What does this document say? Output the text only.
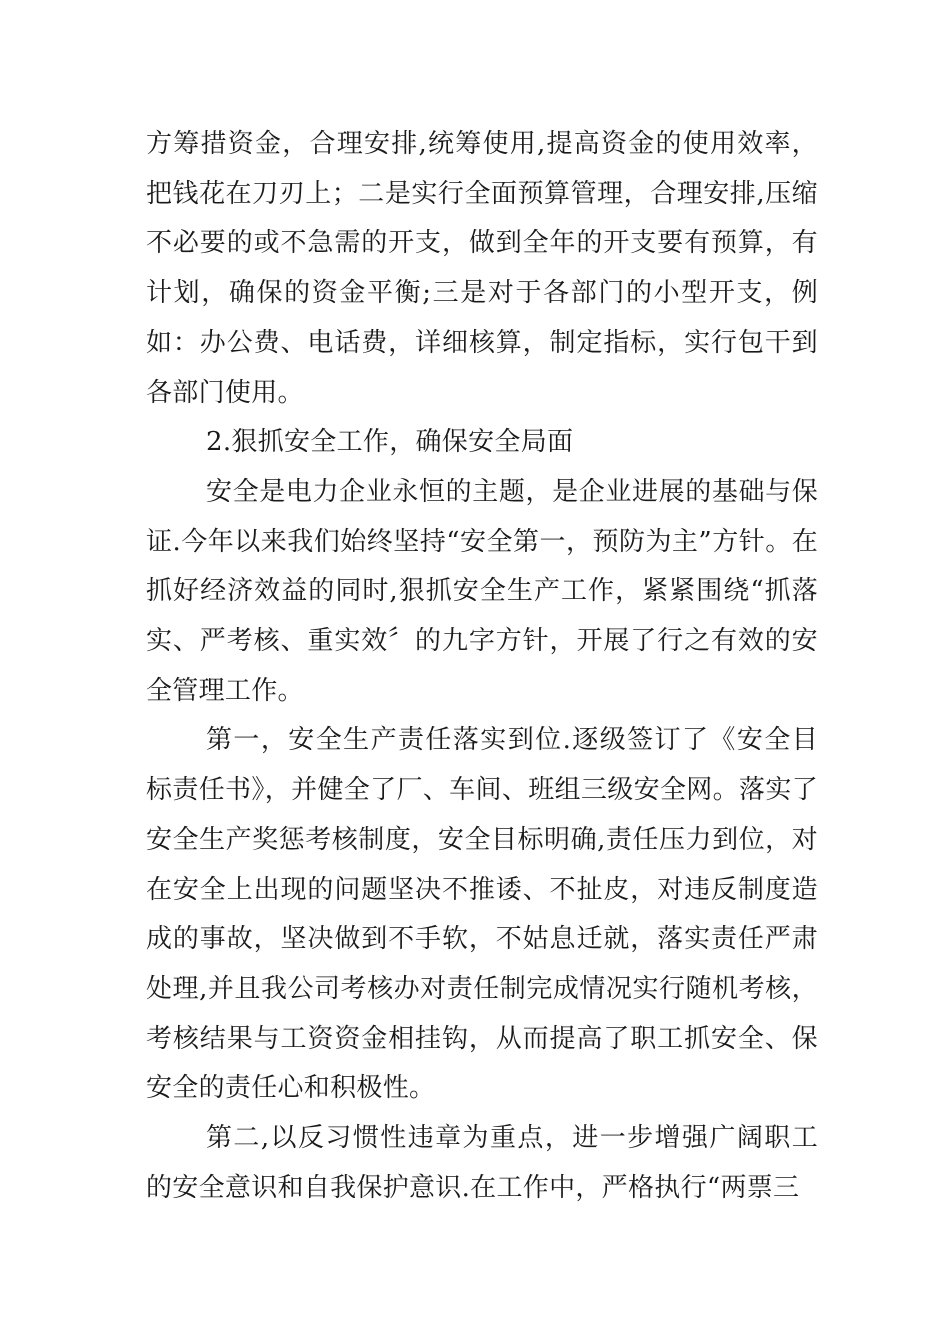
方筹措资金，合理安排,统筹使用,提高资金的使用效率，把钱花在刀刃上；二是实行全面预算管理，合理安排,压缩不必要的或不急需的开支，做到全年的开支要有预算，有计划，确保的资金平衡;三是对于各部门的小型开支，例如：办公费、电话费，详细核算，制定指标，实行包干到各部门使用。

2.狠抓安全工作，确保安全局面

安全是电力企业永恒的主题，是企业进展的基础与保证.今年以来我们始终坚持“安全第一，预防为主”方针。在抓好经济效益的同时,狠抓安全生产工作，紧紧围绕“抓落实、严考核、重实效〞的九字方针，开展了行之有效的安全管理工作。

第一，安全生产责任落实到位.逐级签订了《安全目标责任书》，并健全了厂、车间、班组三级安全网。落实了安全生产奖惩考核制度，安全目标明确,责任压力到位，对在安全上出现的问题坚决不推诿、不扯皮，对违反制度造成的事故，坚决做到不手软，不姑息迁就，落实责任严肃处理,并且我公司考核办对责任制完成情况实行随机考核，考核结果与工资资金相挂钩，从而提高了职工抓安全、保安全的责任心和积极性。

第二,以反习惯性违章为重点，进一步增强广阔职工的安全意识和自我保护意识.在工作中，严格执行“两票三
